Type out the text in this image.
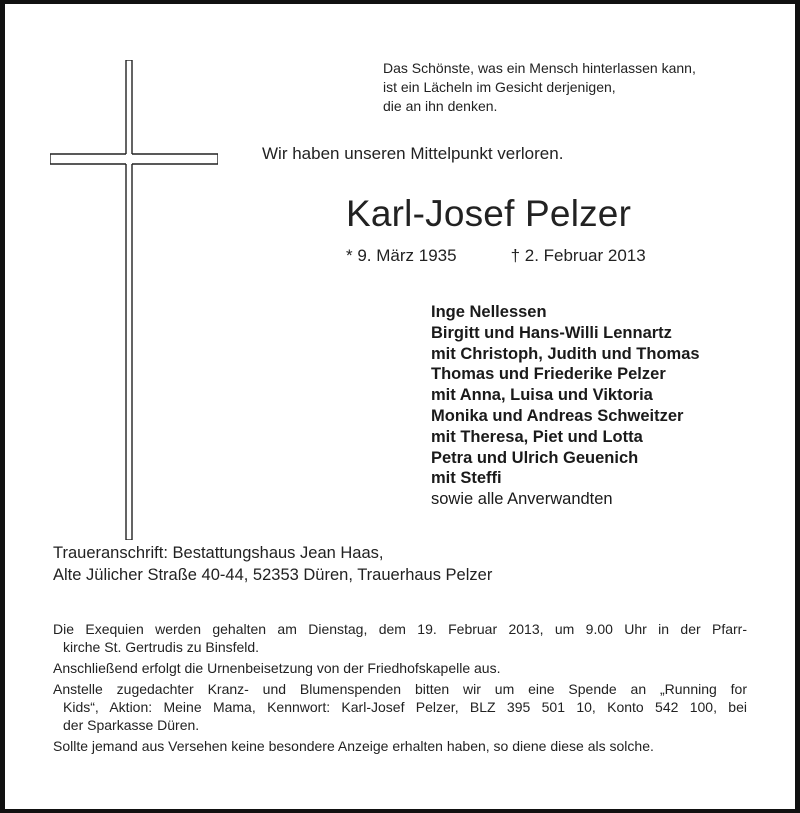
Das Schönste, was ein Mensch hinterlassen kann,
ist ein Lächeln im Gesicht derjenigen,
die an ihn denken.
Wir haben unseren Mittelpunkt verloren.
Karl-Josef Pelzer
* 9. März 1935	† 2. Februar 2013
Inge Nellessen
Birgitt und Hans-Willi Lennartz
mit Christoph, Judith und Thomas
Thomas und Friederike Pelzer
mit Anna, Luisa und Viktoria
Monika und Andreas Schweitzer
mit Theresa, Piet und Lotta
Petra und Ulrich Geuenich
mit Steffi
sowie alle Anverwandten
Traueranschrift: Bestattungshaus Jean Haas,
Alte Jülicher Straße 40-44, 52353 Düren, Trauerhaus Pelzer

Die Exequien werden gehalten am Dienstag, dem 19. Februar 2013, um 9.00 Uhr in der Pfarr-
kirche St. Gertrudis zu Binsfeld.

Anschließend erfolgt die Urnenbeisetzung von der Friedhofskapelle aus.

Anstelle zugedachter Kranz- und Blumenspenden bitten wir um eine Spende an „Running for
Kids“, Aktion: Meine Mama, Kennwort: Karl-Josef Pelzer, BLZ 395 501 10, Konto 542 100, bei
der Sparkasse Düren.

Sollte jemand aus Versehen keine besondere Anzeige erhalten haben, so diene diese als solche.
